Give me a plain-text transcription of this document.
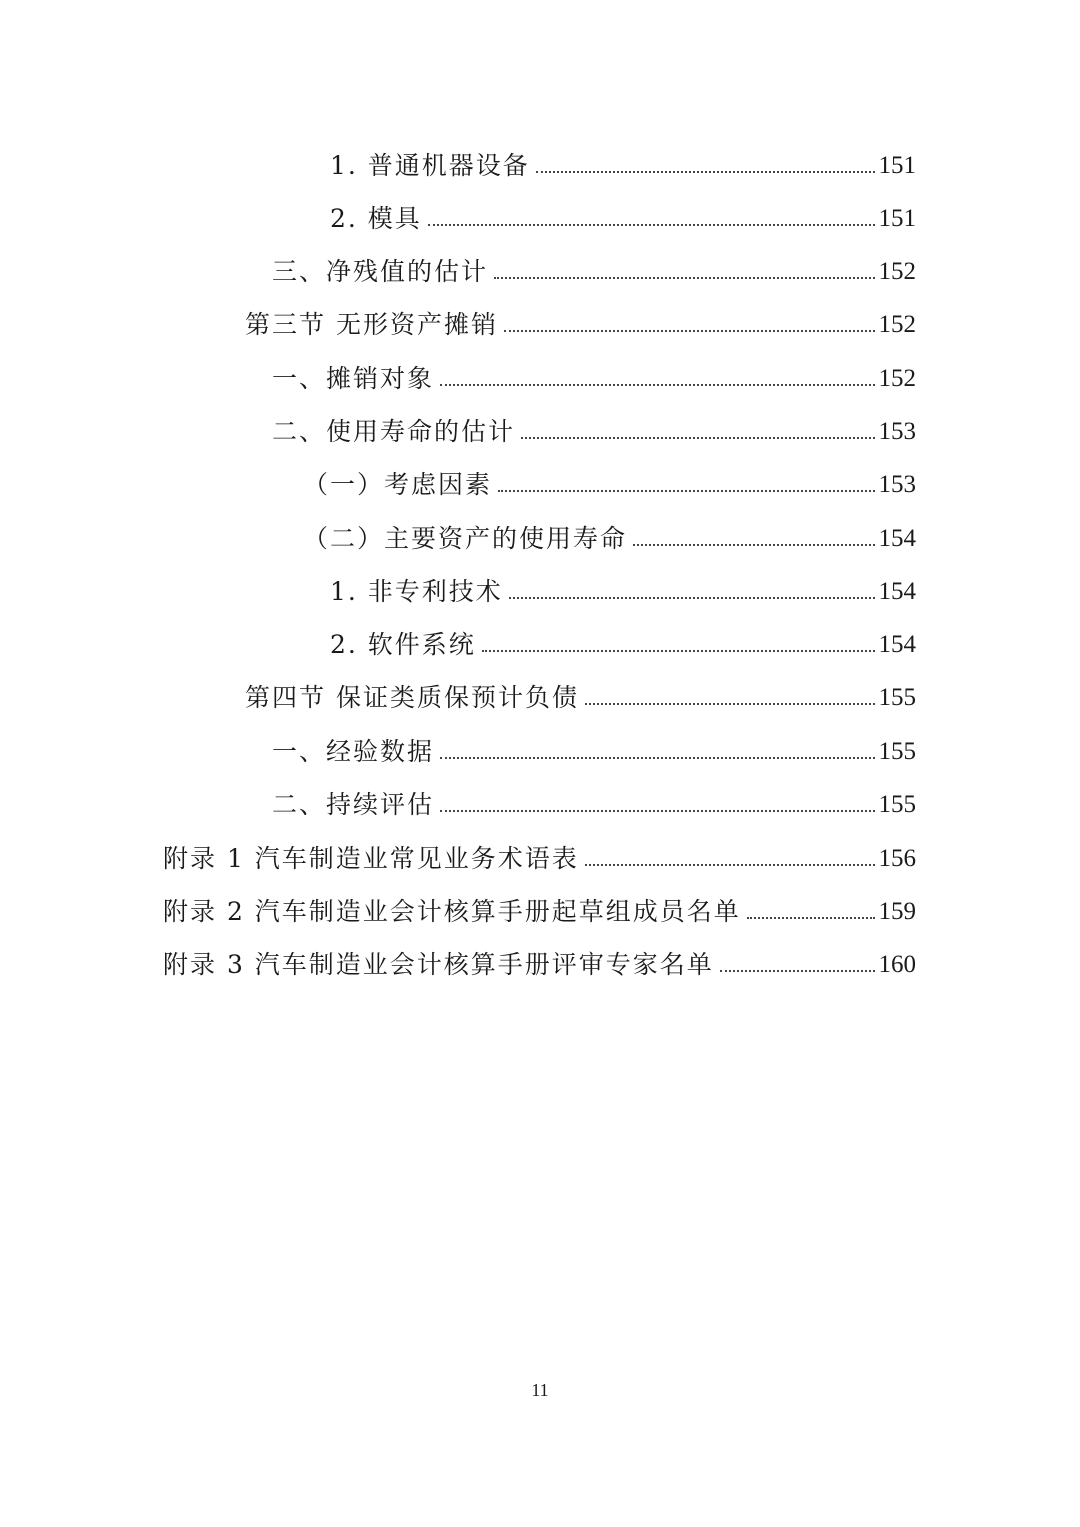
1. 普通机器设备	151
2. 模具	151
三、净残值的估计	152
第三节 无形资产摊销	152
一、摊销对象	152
二、使用寿命的估计	153
（一）考虑因素	153
（二）主要资产的使用寿命	154
1. 非专利技术	154
2. 软件系统	154
第四节 保证类质保预计负债	155
一、经验数据	155
二、持续评估	155
附录 1 汽车制造业常见业务术语表	156
附录 2 汽车制造业会计核算手册起草组成员名单	159
附录 3 汽车制造业会计核算手册评审专家名单	160
11
